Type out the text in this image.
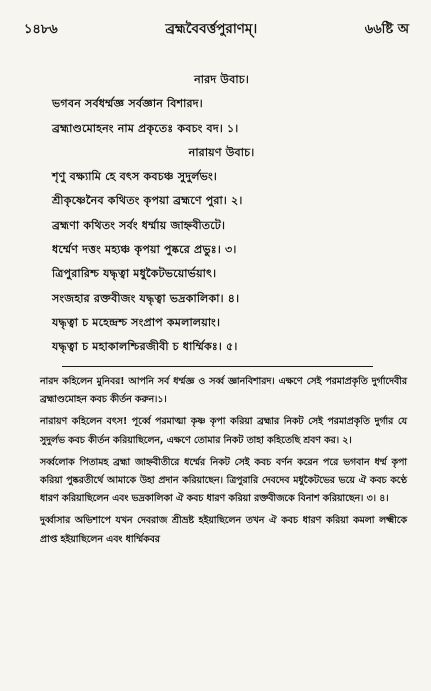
১৪৮৬	ব্রহ্মবৈবর্ত্তপুরাণম্।	৬৬ষ্টি অ
নারদ উবাচ।
ভগবন সর্বধর্ম্মজ্ঞ সর্বজ্ঞান বিশারদ।
ব্রহ্মাণ্ডমোহনং নাম প্রকৃতেঃ কবচং বদ। ১।
নারায়ণ উবাচ।
শৃণু বক্ষ্যামি হে বৎস কবচঞ্চ সুদুর্লভং।
শ্রীকৃষ্ণেনৈব কথিতং কৃপয়া ব্রহ্মণে পুরা। ২।
ব্রহ্মণা কথিতং সর্বং ধর্ম্মায় জাহ্নবীতটে।
ধর্ম্মেণ দত্তং মহ্যঞ্চ কৃপয়া পুষ্করে প্রভুঃ। ৩।
ত্রিপুরারিশ্চ যদ্ধৃত্বা মধুকৈটভয়োর্ভয়াৎ।
সংজহার রক্তবীজং যদ্ধৃত্বা ভদ্রকালিকা। ৪।
যদ্ধৃত্বা চ মহেন্দ্রশ্চ সংপ্রাপ কমলালয়াং।
যদ্ধৃত্বা চ মহাকালশ্চিরজীবী চ ধার্ম্মিকঃ। ৫।

নারদ কহিলেন মুনিবর! আপনি সর্ব ধর্ম্মজ্ঞ ও সর্ব্ব জ্ঞানবিশারদ। এক্ষণে সেই পরমাপ্রকৃতি দুর্গাদেবীর ব্রহ্মাণ্ডমোহন কবচ কীর্তন করুন।১।

নারায়ণ কহিলেন বৎস! পূর্ব্বে পরমাত্মা কৃষ্ণ কৃপা করিয়া ব্রহ্মার নিকট সেই পরমাপ্রকৃতি দুর্গার যে সুদুর্লভ কবচ কীর্তন করিয়াছিলেন, এক্ষণে তোমার নিকট তাহা কহিতেছি শ্রবণ কর। ২।

সর্ব্বলোক পিতামহ ব্রহ্মা জাহ্নবীতীরে ধর্ম্মের নিকট সেই কবচ বর্ণন করেন পরে ভগবান ধর্ম্ম কৃপা করিয়া পুষ্করতীর্থে আমাকে উহা প্রদান করিয়াছেন। ত্রিপুরারি দেবদেব মধুকৈটভের ভয়ে ঐ কবচ কণ্ঠে ধারণ করিয়াছিলেন এবং ভদ্রকালিকা ঐ কবচ ধারণ করিয়া রক্তবীজকে বিনাশ করিয়াছেন। ৩। ৪।

দুর্ব্বাসার অভিশাপে যখন দেবরাজ শ্রীভ্রষ্ট হইয়াছিলেন তখন ঐ কবচ ধারণ করিয়া কমলা লক্ষ্মীকে প্রাপ্ত হইয়াছিলেন এবং ধার্ম্মিকবর
